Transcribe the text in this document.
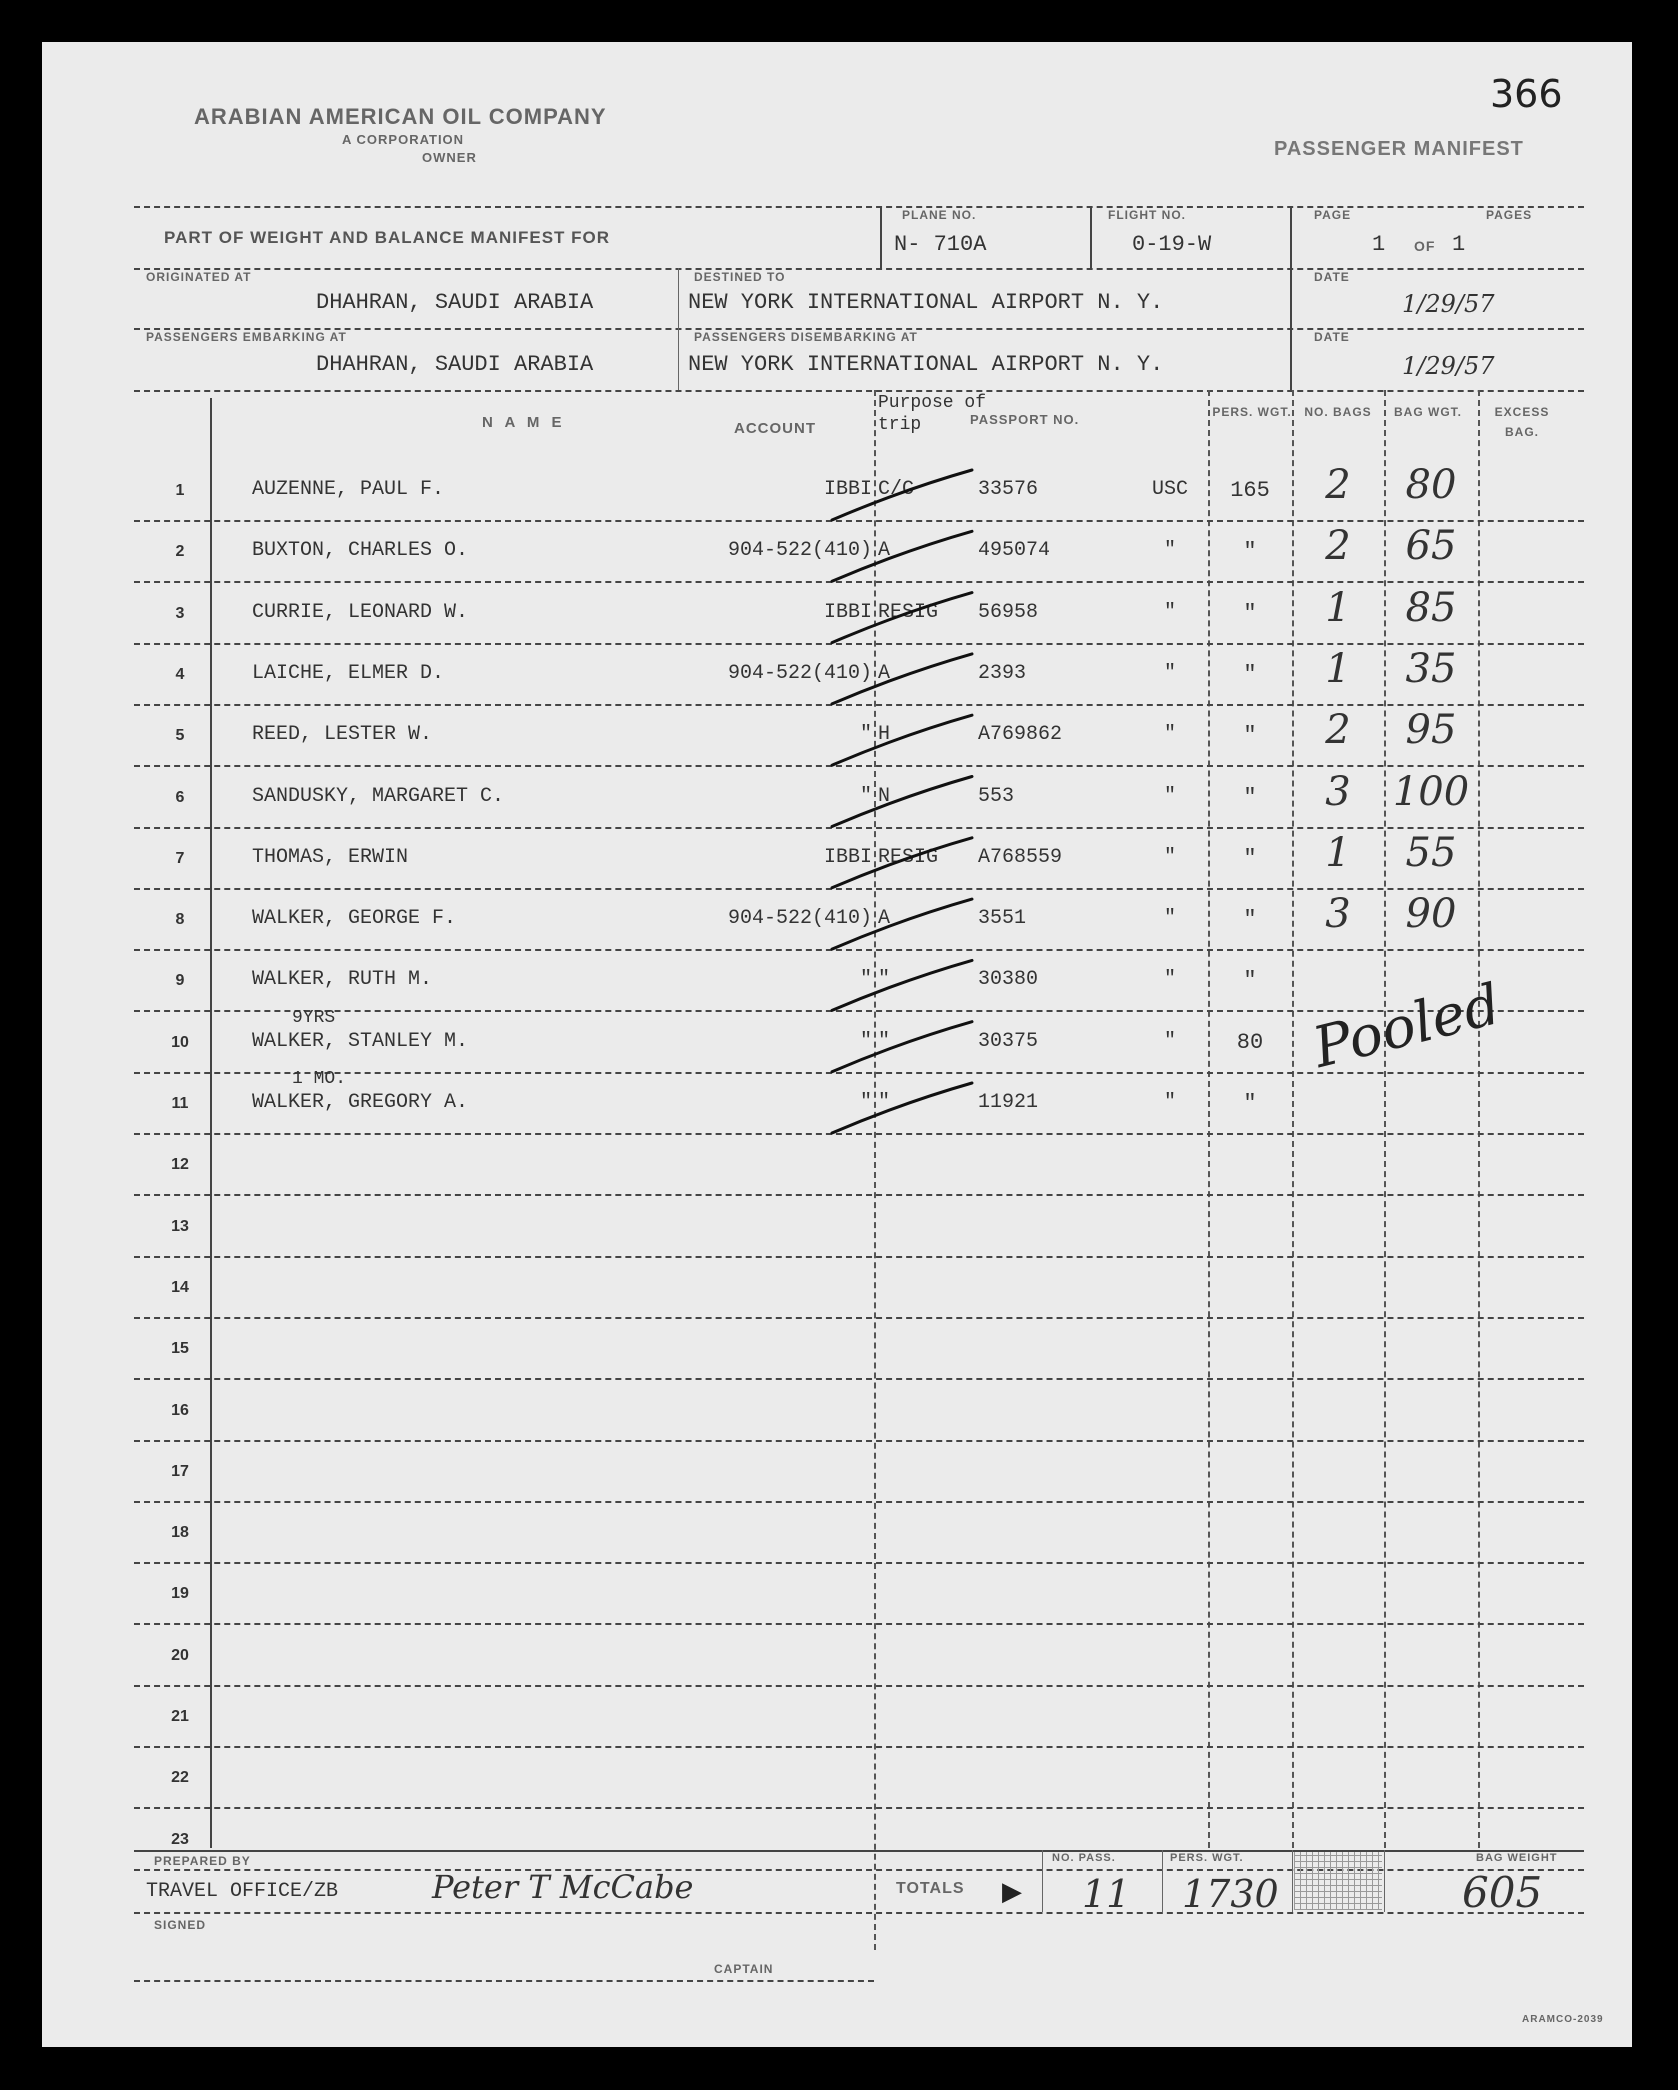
ARABIAN AMERICAN OIL COMPANY
A CORPORATION
OWNER
366
PASSENGER MANIFEST
PART OF WEIGHT AND BALANCE MANIFEST FOR
PLANE NO.
N- 710A
FLIGHT NO.
0-19-W
PAGE	PAGES
1 OF 1
ORIGINATED AT
DHAHRAN, SAUDI ARABIA
DESTINED TO
NEW YORK INTERNATIONAL AIRPORT N. Y.
DATE
1/29/57
PASSENGERS EMBARKING AT
DHAHRAN, SAUDI ARABIA
PASSENGERS DISEMBARKING AT
NEW YORK INTERNATIONAL AIRPORT N. Y.
DATE
1/29/57
N A M E	ACCOUNT
Purpose of trip	PASSPORT NO.	PERS. WGT.	NO. BAGS	BAG WGT.	EXCESS BAG.
1	AUZENNE, PAUL F.	IBBI C/C	33576	USC	165	2	80
2	BUXTON, CHARLES O.	904-522(410) A	495074	"	"	2	65
3	CURRIE, LEONARD W.	IBBI RESIG	56958	"	"	1	85
4	LAICHE, ELMER D.	904-522(410) A	2393	"	"	1	35
5	REED, LESTER W.	" H	A769862	"	"	2	95
6	SANDUSKY, MARGARET C.	" N	553	"	"	3	100
7	THOMAS, ERWIN	IBBI RESIG	A768559	"	"	1	55
8	WALKER, GEORGE F.	904-522(410) A	3551	"	"	3	90
9	WALKER, RUTH M.	" "	30380	"	"
10	WALKER, STANLEY M.	" "	30375	"	80
9YRS
11	WALKER, GREGORY A.	" "	11921	"	"
1 MO.
12
13
14
15
16
17
18
19
20
21
22
23
Pooled
PREPARED BY
TRAVEL OFFICE/ZB	Peter T McCabe
SIGNED
CAPTAIN
TOTALS ▶
NO. PASS.
11
PERS. WGT.
1730
BAG WEIGHT
605
ARAMCO-2039
